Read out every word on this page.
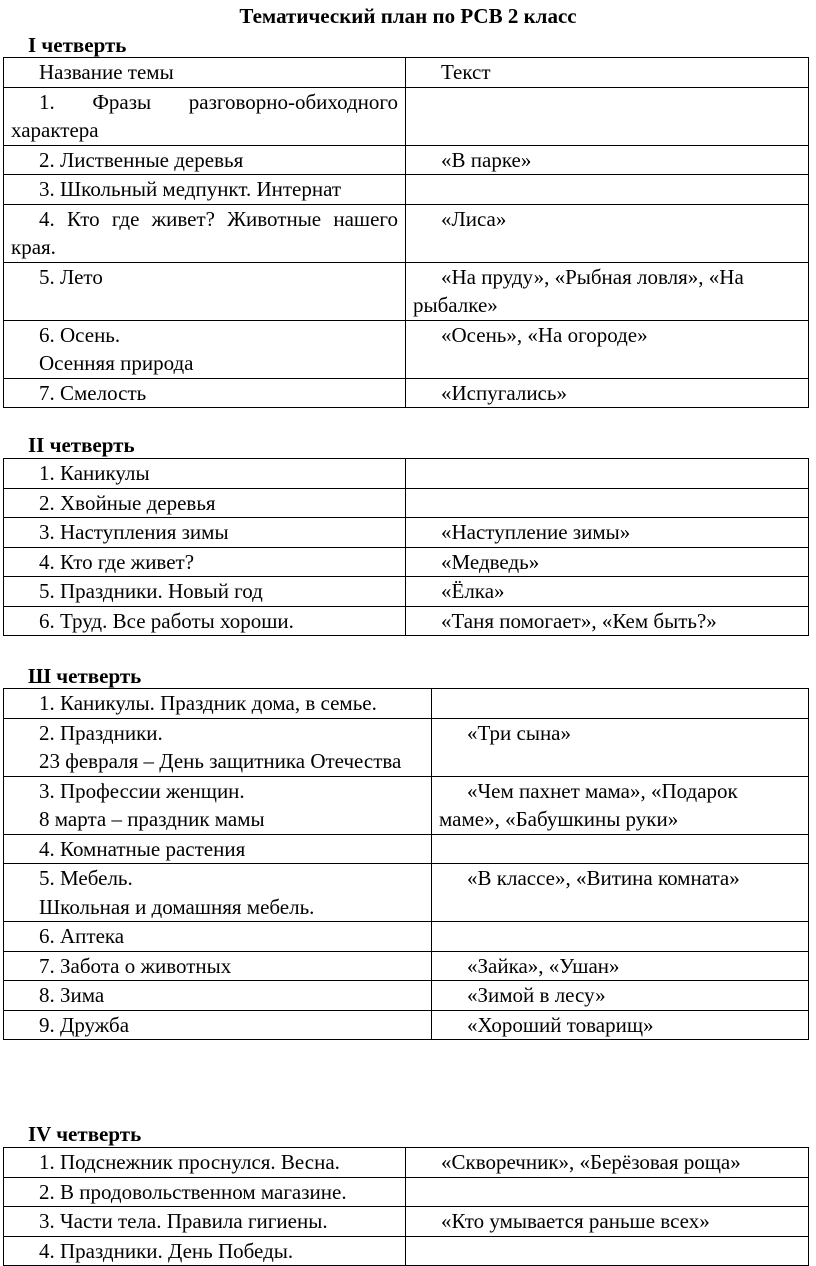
Тематический план по РСВ 2 класс
I четверть
Название темы	Текст

1. Фразы разговорно-обиходного характера	

2. Лиственные деревья	«В парке»

3. Школьный медпункт. Интернат	

4. Кто где живет? Животные нашего края.	«Лиса»

5. Лето	«На пруду», «Рыбная ловля», «На рыбалке»

6. Осень.
Осенняя природа	«Осень», «На огороде»

7. Смелость	«Испугались»
II четверть
1. Каникулы	

2. Хвойные деревья	

3. Наступления зимы	«Наступление зимы»

4. Кто где живет?	«Медведь»

5. Праздники. Новый год	«Ёлка»

6. Труд. Все работы хороши.	«Таня помогает», «Кем быть?»
Ш четверть
1. Каникулы. Праздник дома, в семье.	

2. Праздники.
23 февраля – День защитника Отечества	«Три сына»

3. Профессии женщин.
8 марта – праздник мамы	«Чем пахнет мама», «Подарок маме», «Бабушкины руки»

4. Комнатные растения	

5. Мебель.
Школьная и домашняя мебель.	«В классе», «Витина комната»

6. Аптека	

7. Забота о животных	«Зайка», «Ушан»

8. Зима	«Зимой в лесу»

9. Дружба	«Хороший товарищ»
IV четверть
1. Подснежник проснулся. Весна.	«Скворечник», «Берёзовая роща»

2. В продовольственном магазине.	

3. Части тела. Правила гигиены.	«Кто умывается раньше всех»

4. Праздники. День Победы.	
